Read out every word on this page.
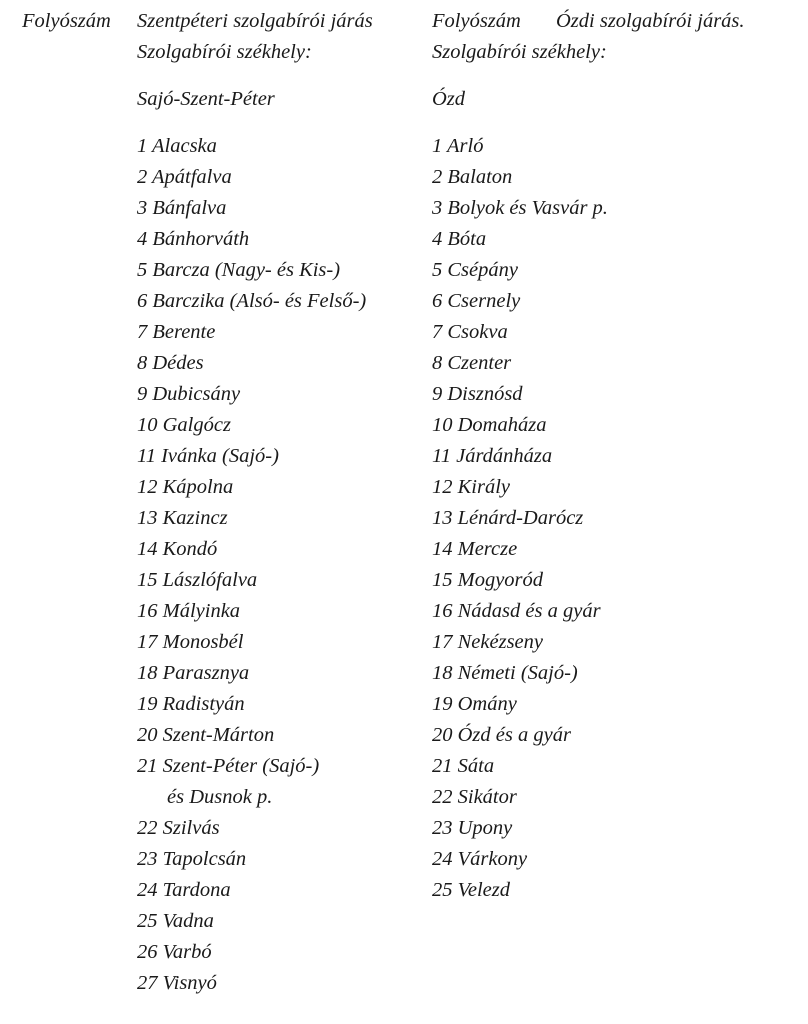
Folyószám Szentpéteri szolgabírói járás
Szolgabírói székhely:
Sajó-Szent-Péter
Folyószám Ózdi szolgabírói járás.
Szolgabírói székhely:
Ózd
1 Alacska
2 Apátfalva
3 Bánfalva
4 Bánhorváth
5 Barcza (Nagy- és Kis-)
6 Barczika (Alsó- és Felső-)
7 Berente
8 Dédes
9 Dubicsány
10 Galgócz
11 Ivánka (Sajó-)
12 Kápolna
13 Kazincz
14 Kondó
15 Lászlófalva
16 Mályinka
17 Monosbél
18 Parasznya
19 Radistyán
20 Szent-Márton
21 Szent-Péter (Sajó-)
és Dusnok p.
22 Szilvás
23 Tapolcsán
24 Tardona
25 Vadna
26 Varbó
27 Visnyó
1 Arló
2 Balaton
3 Bolyok és Vasvár p.
4 Bóta
5 Csépány
6 Csernely
7 Csokva
8 Czenter
9 Disznósd
10 Domaháza
11 Járdánháza
12 Király
13 Lénárd-Darócz
14 Mercze
15 Mogyoród
16 Nádasd és a gyár
17 Nekézseny
18 Németi (Sajó-)
19 Omány
20 Ózd és a gyár
21 Sáta
22 Sikátor
23 Upony
24 Várkony
25 Velezd
